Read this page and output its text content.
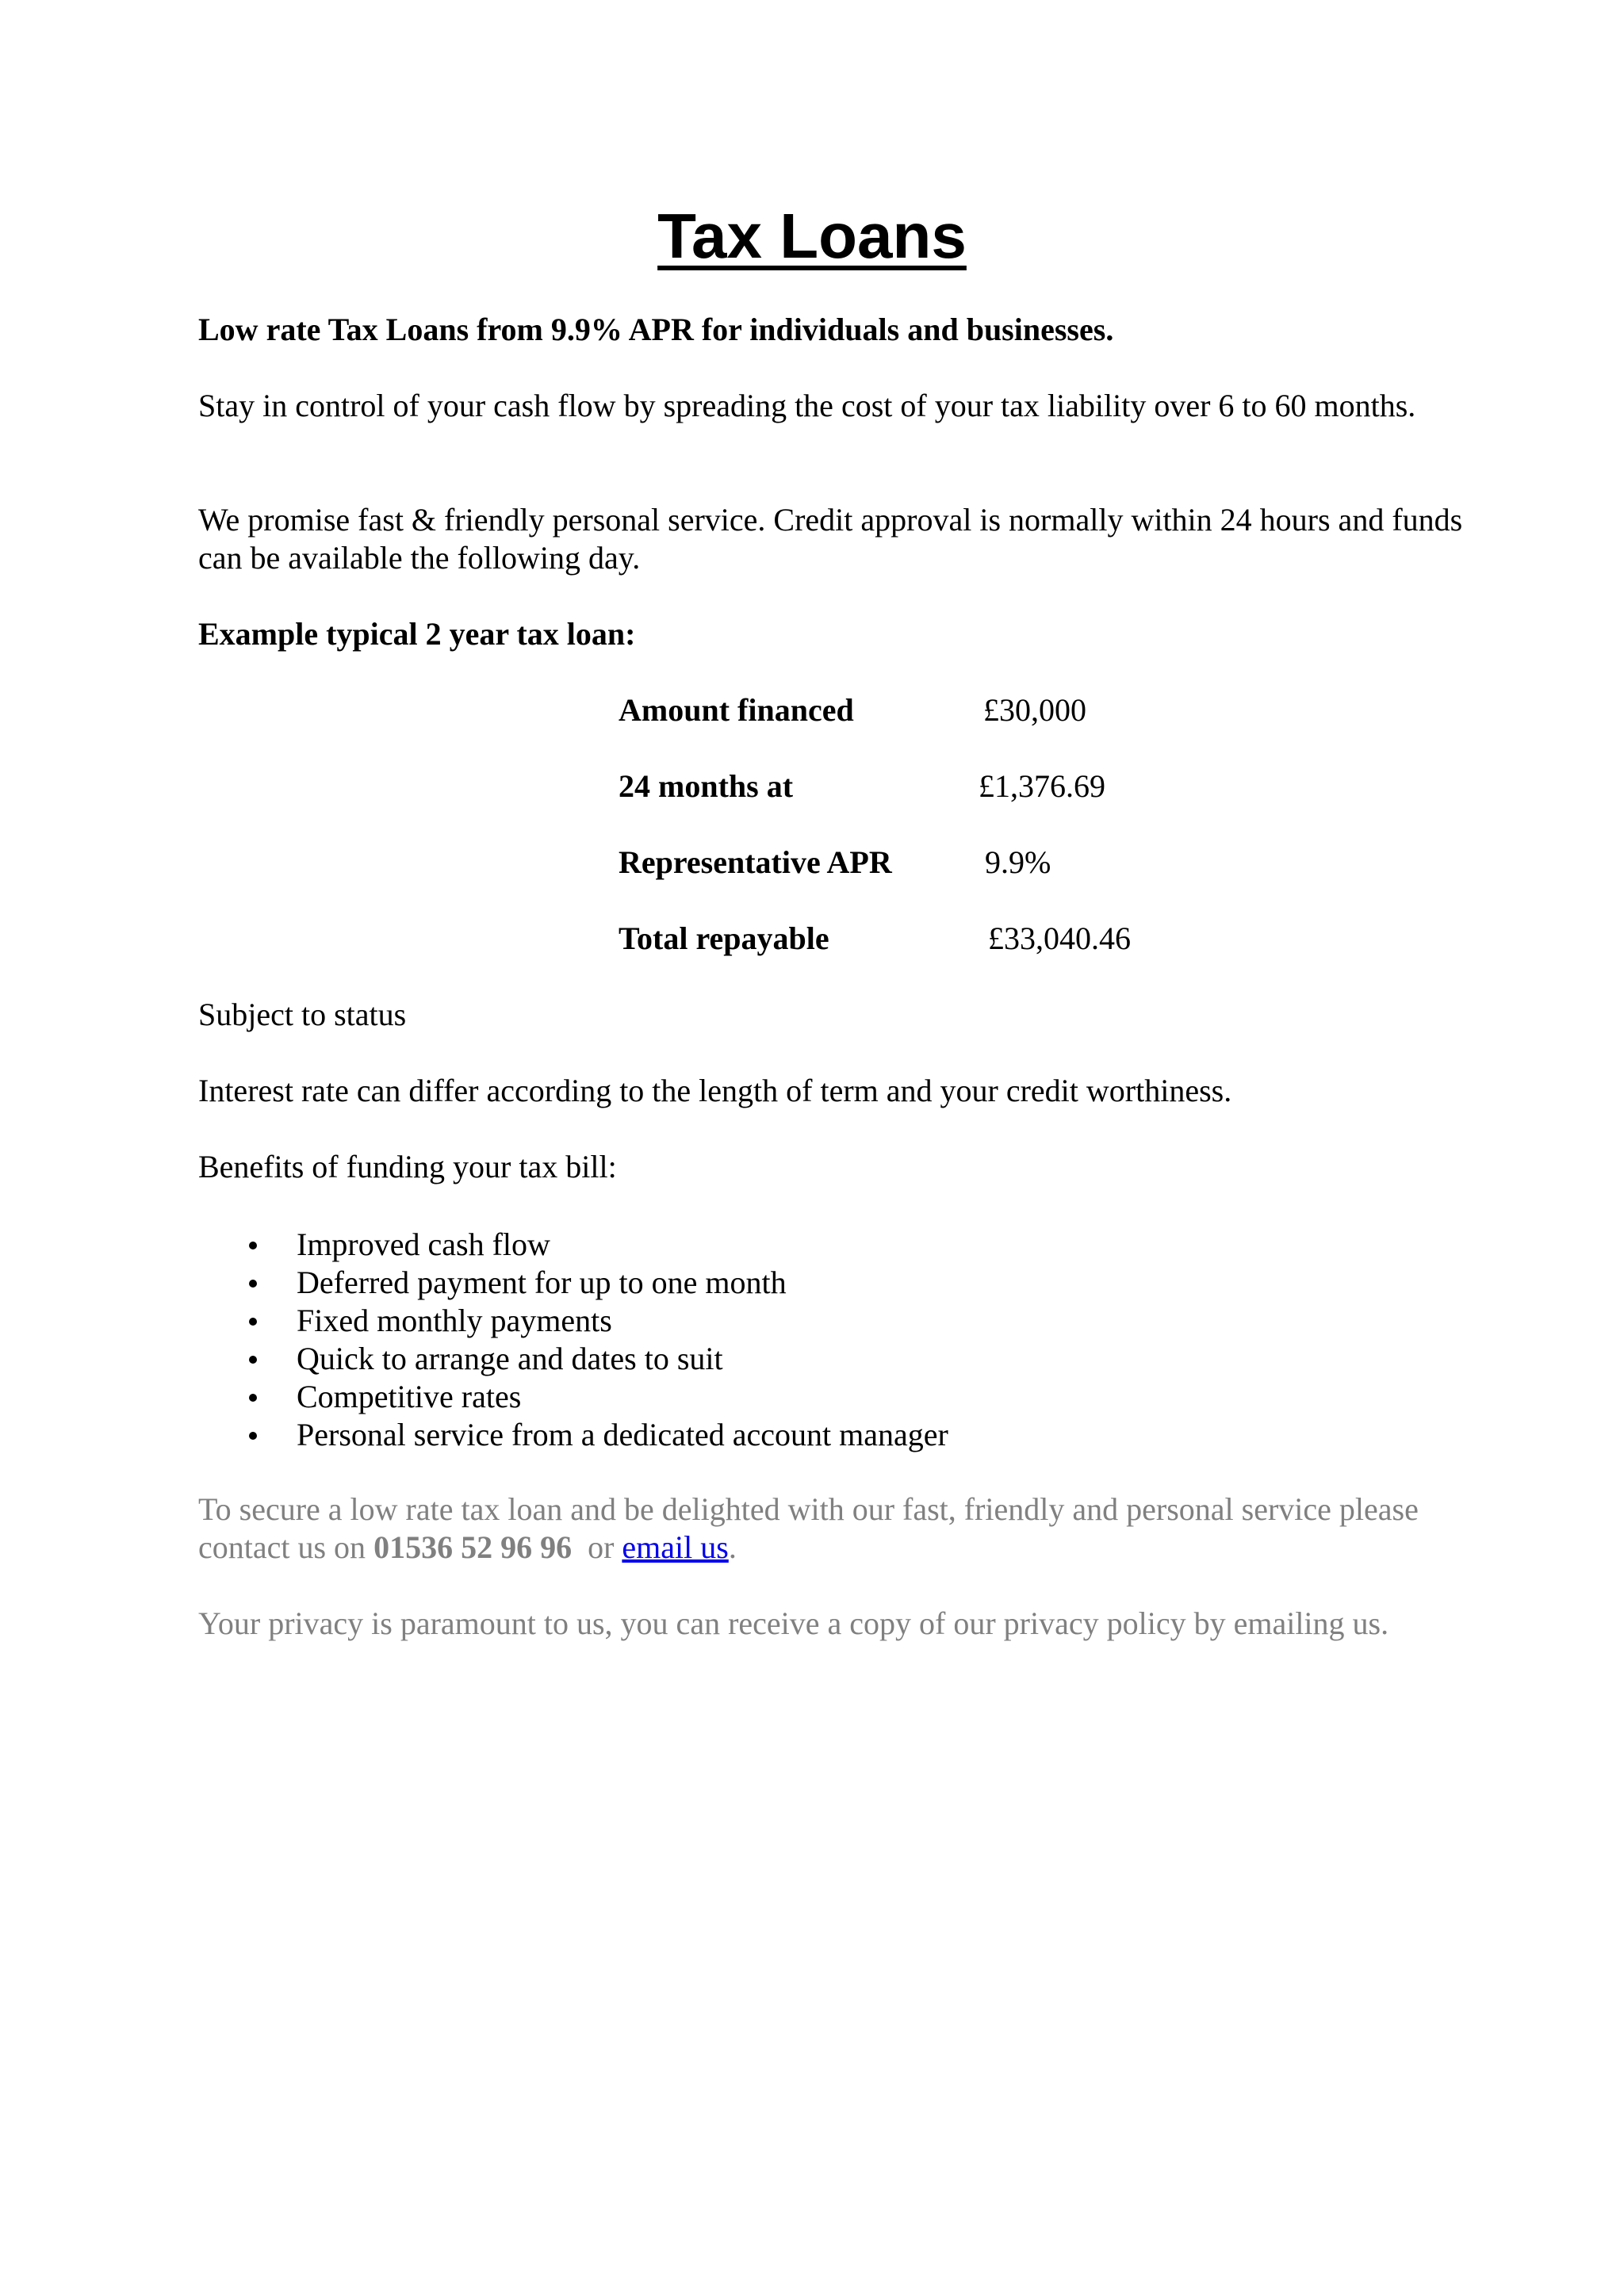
Tax Loans

Low rate Tax Loans from 9.9% APR for individuals and businesses.

Stay in control of your cash flow by spreading the cost of your tax liability over 6 to 60 months.

We promise fast & friendly personal service. Credit approval is normally within 24 hours and funds can be available the following day.

Example typical 2 year tax loan:

Amount financed	£30,000
24 months at	£1,376.69
Representative APR	9.9%
Total repayable	£33,040.46

Subject to status

Interest rate can differ according to the length of term and your credit worthiness.

Benefits of funding your tax bill:

Improved cash flow
Deferred payment for up to one month
Fixed monthly payments
Quick to arrange and dates to suit
Competitive rates
Personal service from a dedicated account manager

To secure a low rate tax loan and be delighted with our fast, friendly and personal service please contact us on 01536 52 96 96  or email us.

Your privacy is paramount to us, you can receive a copy of our privacy policy by emailing us.
